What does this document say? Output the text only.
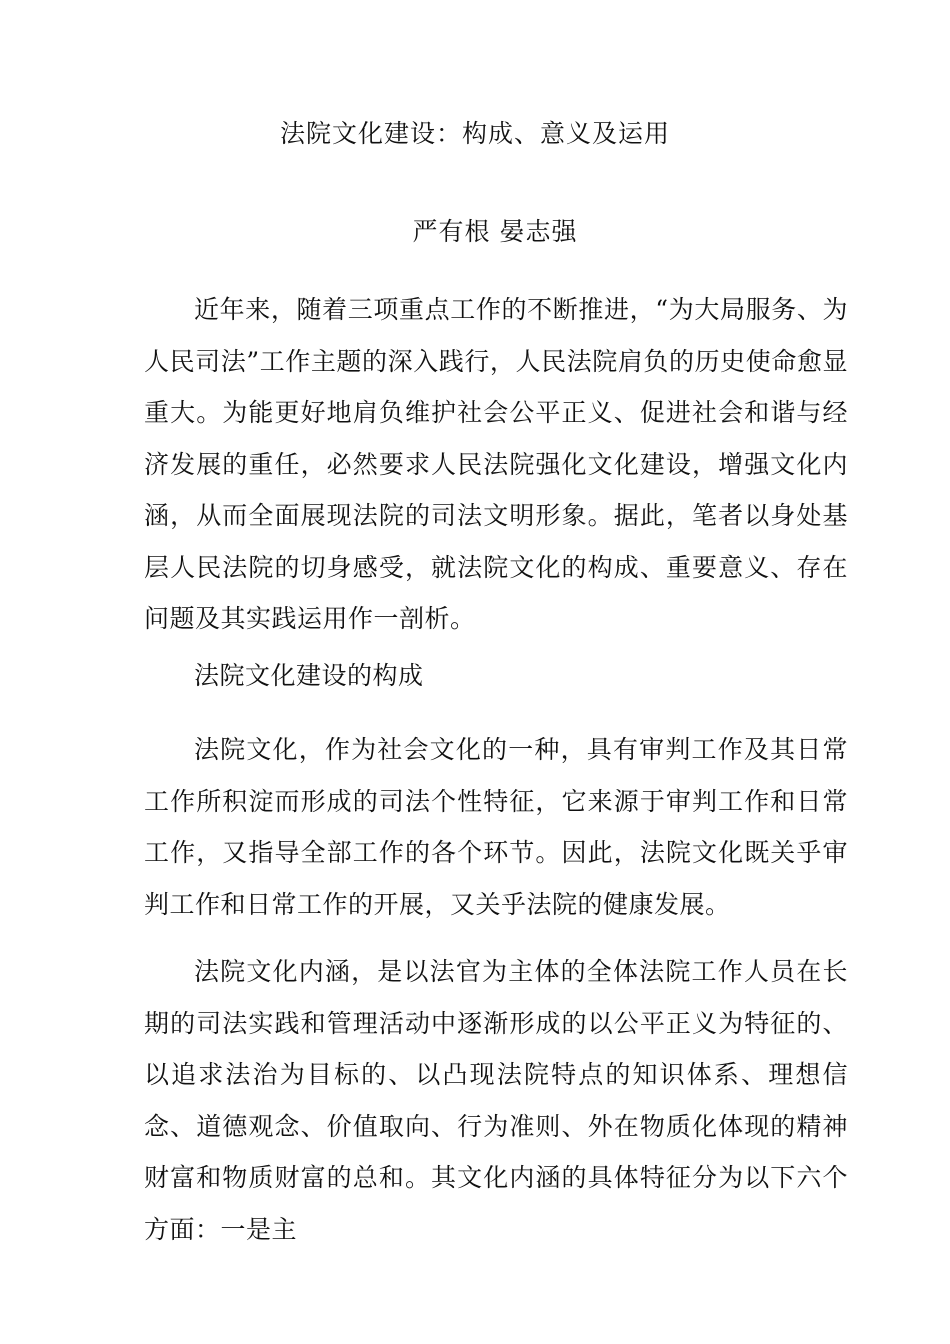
法院文化建设：构成、意义及运用
严有根 晏志强

近年来，随着三项重点工作的不断推进，“为大局服务、为人民司法”工作主题的深入践行，人民法院肩负的历史使命愈显重大。为能更好地肩负维护社会公平正义、促进社会和谐与经济发展的重任，必然要求人民法院强化文化建设，增强文化内涵，从而全面展现法院的司法文明形象。据此，笔者以身处基层人民法院的切身感受，就法院文化的构成、重要意义、存在问题及其实践运用作一剖析。

法院文化建设的构成

法院文化，作为社会文化的一种，具有审判工作及其日常工作所积淀而形成的司法个性特征，它来源于审判工作和日常工作，又指导全部工作的各个环节。因此，法院文化既关乎审判工作和日常工作的开展，又关乎法院的健康发展。

法院文化内涵，是以法官为主体的全体法院工作人员在长期的司法实践和管理活动中逐渐形成的以公平正义为特征的、以追求法治为目标的、以凸现法院特点的知识体系、理想信念、道德观念、价值取向、行为准则、外在物质化体现的精神财富和物质财富的总和。其文化内涵的具体特征分为以下六个方面：一是主
